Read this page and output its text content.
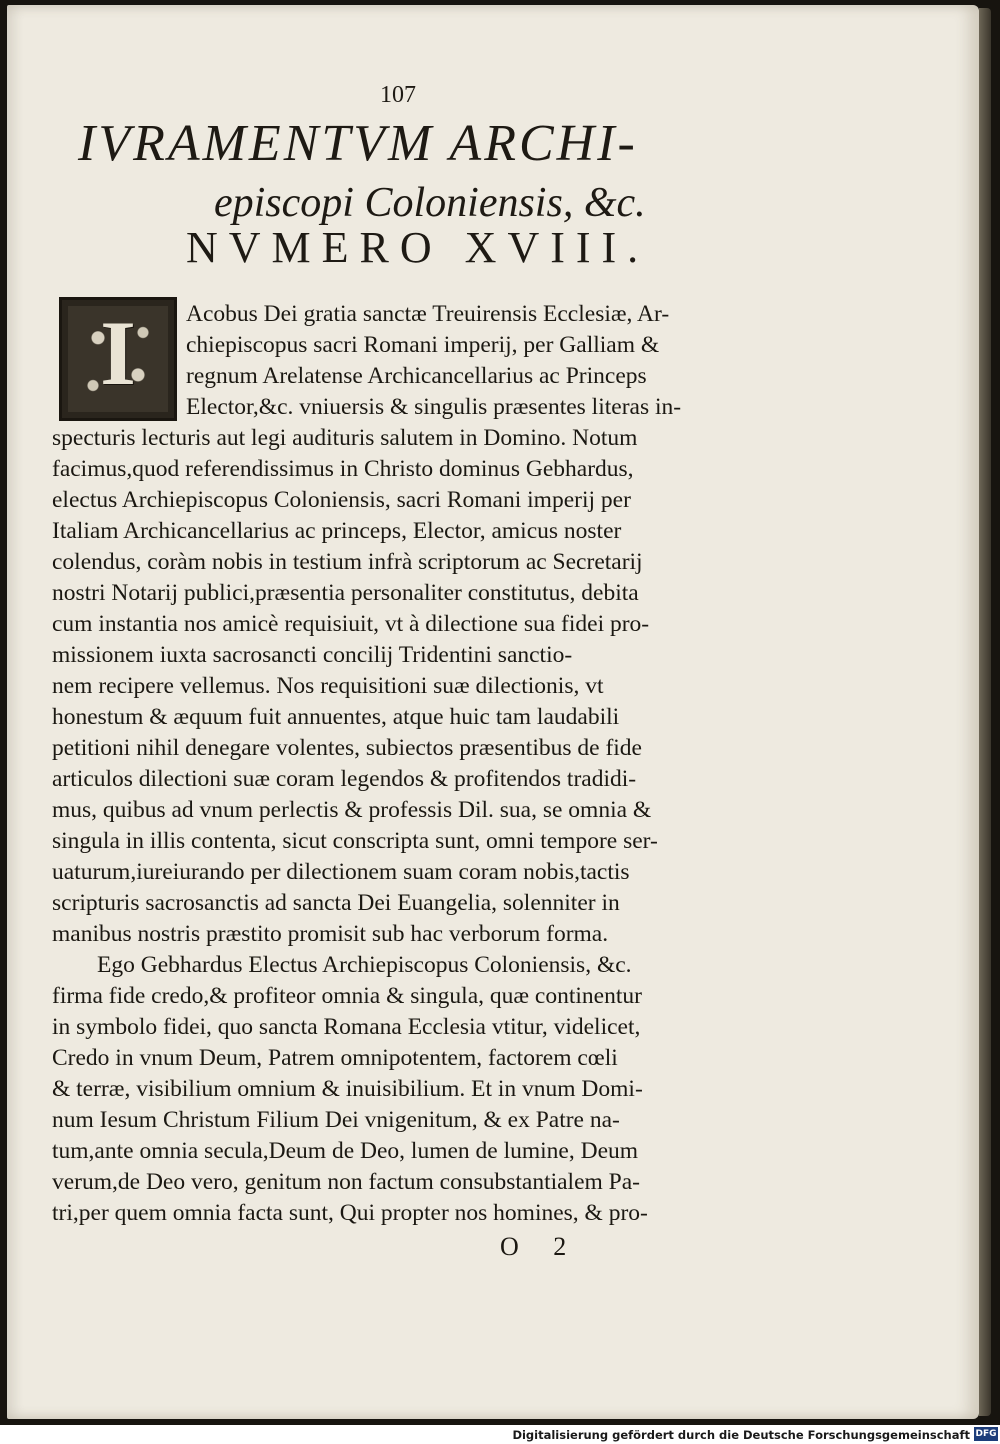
107
IVRAMENTVM ARCHI-
episcopi Coloniensis, &c.
NVMERO XVIII.
I	Acobus Dei gratia sanctæ Treuirensis Ecclesiæ, Ar-
chiepiscopus sacri Romani imperij, per Galliam &
regnum Arelatense Archicancellarius ac Princeps
Elector,&c. vniuersis & singulis præsentes literas in-
specturis lecturis aut legi audituris salutem in Domino. Notum
facimus,quod referendissimus in Christo dominus Gebhardus,
electus Archiepiscopus Coloniensis, sacri Romani imperij per
Italiam Archicancellarius ac princeps, Elector, amicus noster
colendus, coràm nobis in testium infrà scriptorum ac Secretarij
nostri Notarij publici,præsentia personaliter constitutus, debita
cum instantia nos amicè requisiuit, vt à dilectione sua fidei pro-
missionem iuxta sacrosancti concilij Tridentini sanctio-
nem recipere vellemus. Nos requisitioni suæ dilectionis, vt
honestum & æquum fuit annuentes, atque huic tam laudabili
petitioni nihil denegare volentes, subiectos præsentibus de fide
articulos dilectioni suæ coram legendos & profitendos tradidi-
mus, quibus ad vnum perlectis & professis Dil. sua, se omnia &
singula in illis contenta, sicut conscripta sunt, omni tempore ser-
uaturum,iureiurando per dilectionem suam coram nobis,tactis
scripturis sacrosanctis ad sancta Dei Euangelia, solenniter in
manibus nostris præstito promisit sub hac verborum forma.
Ego Gebhardus Electus Archiepiscopus Coloniensis, &c.
firma fide credo,& profiteor omnia & singula, quæ continentur
in symbolo fidei, quo sancta Romana Ecclesia vtitur, videlicet,
Credo in vnum Deum, Patrem omnipotentem, factorem cœli
& terræ, visibilium omnium & inuisibilium. Et in vnum Domi-
num Iesum Christum Filium Dei vnigenitum, & ex Patre na-
tum,ante omnia secula,Deum de Deo, lumen de lumine, Deum
verum,de Deo vero, genitum non factum consubstantialem Pa-
tri,per quem omnia facta sunt, Qui propter nos homines, & pro-
O 2
Digitalisierung gefördert durch die Deutsche Forschungsgemeinschaft DFG
